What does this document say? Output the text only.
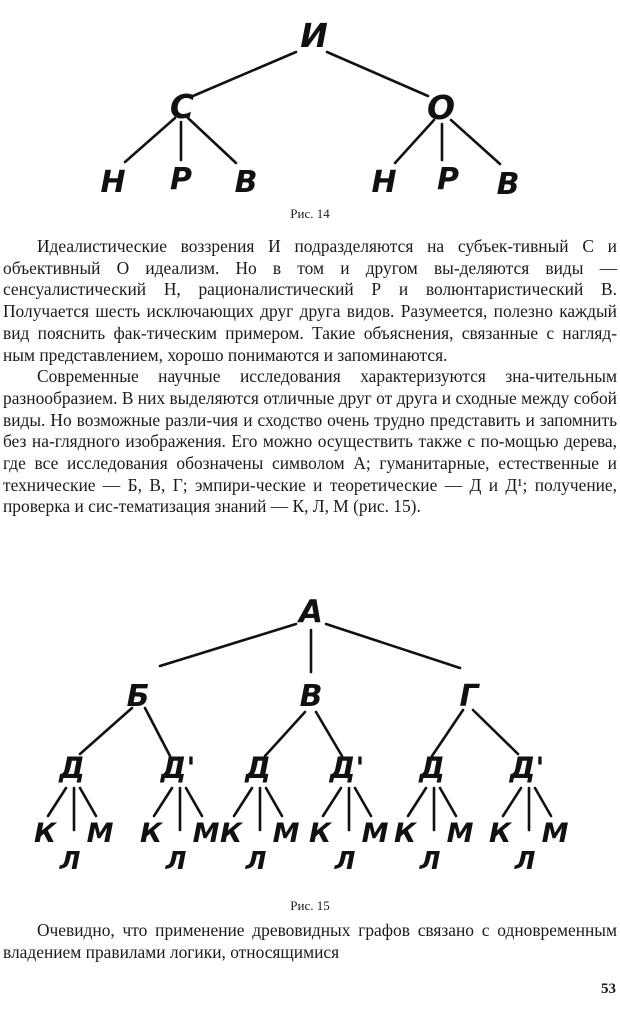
И
С	О
Н Р В	Н Р В

Рис. 14

Идеалистические воззрения И подразделяются на субъек-тивный С и объективный О идеализм. Но в том и другом вы-деляются виды — сенсуалистический Н, рационалистический Р и волюнтаристический В. Получается шесть исключающих друг друга видов. Разумеется, полезно каждый вид пояснить фак-тическим примером. Такие объяснения, связанные с нагляд-ным представлением, хорошо понимаются и запоминаются.

Современные научные исследования характеризуются зна-чительным разнообразием. В них выделяются отличные друг от друга и сходные между собой виды. Но возможные разли-чия и сходство очень трудно представить и запомнить без на-глядного изображения. Его можно осуществить также с по-мощью дерева, где все исследования обозначены символом А; гуманитарные, естественные и технические — Б, В, Г; эмпири-ческие и теоретические — Д и Д¹; получение, проверка и сис-тематизация знаний — К, Л, М (рис. 15).

А
Б	В	Г
Д
К М
Л
Д'
К М
Л
Д
К М
Л
Д'
К М
Л
Д
К М
Л
Д'
К М
Л

Рис. 15

Очевидно, что применение древовидных графов связано с одновременным владением правилами логики, относящимися

53
